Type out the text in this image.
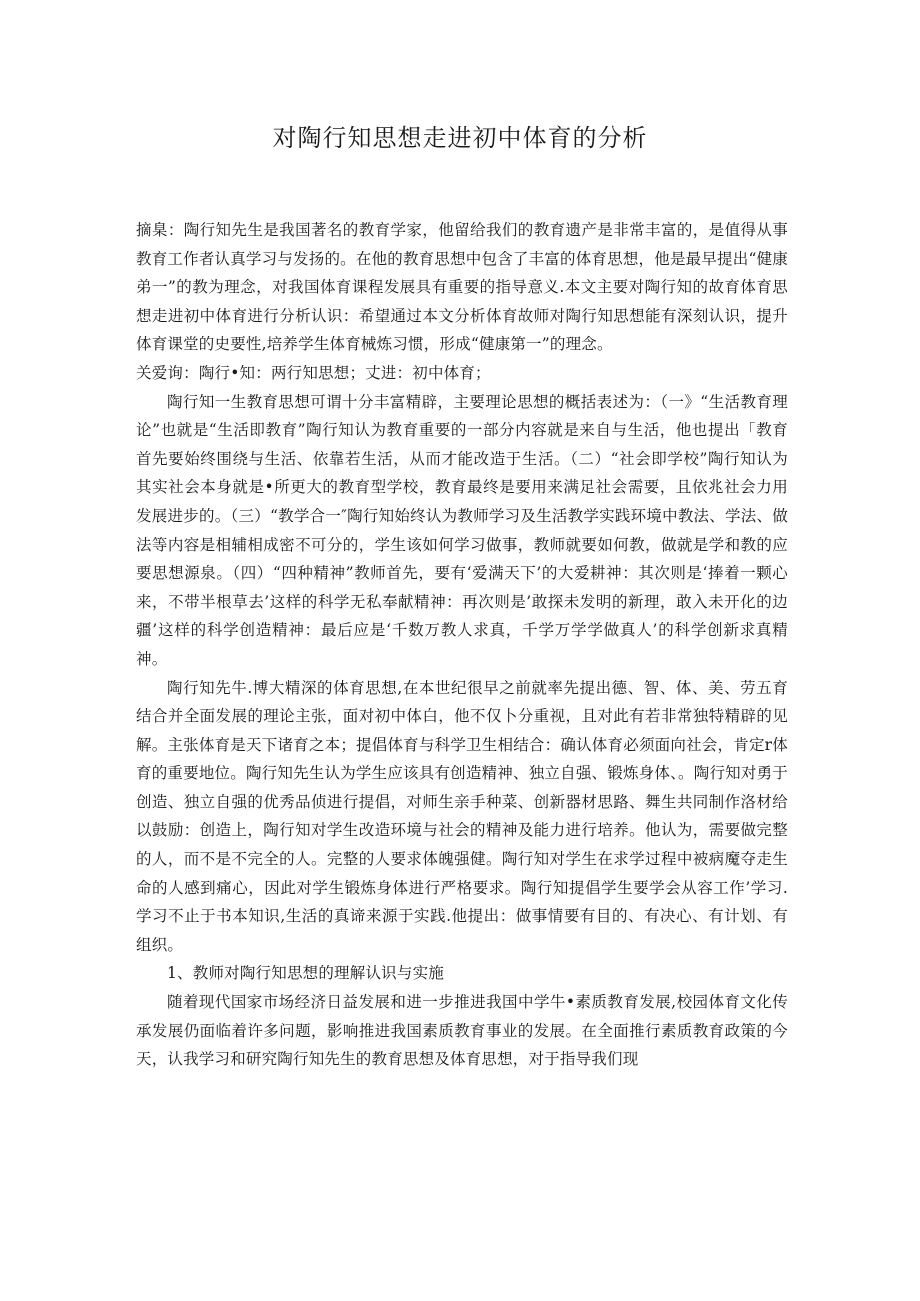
对陶行知思想走进初中体育的分析

摘臬：陶行知先生是我国著名的教育学家，他留给我们的教育遗产是非常丰富的，是值得从事教育工作者认真学习与发扬的。在他的教育思想中包含了丰富的体育思想，他是最早提出“健康弟一”的教为理念，对我国体育课程发展具有重要的指导意义.本文主要对陶行知的故育体育思想走进初中体育进行分析认识：希望通过本文分析体育故师对陶行知思想能有深刻认识，提升体育课堂的史要性,培养学生体育械炼习惯，形成“健康第一”的理念。

关爱询：陶行•知：两行知思想；丈进：初中体育；

陶行知一生教育思想可谓十分丰富精辟，主要理论思想的概括表述为：（一》“生活教育理论”也就是“生活即教育”陶行知认为教育重要的一部分内容就是来自与生活，他也提出「教育首先要始终围绕与生活、依靠若生活，从而才能改造于生活。（二）“社会即学校”陶行知认为其实社会本身就是•所更大的教育型学校，教育最终是要用来满足社会需要，且依兆社会力用发展进步的。（三）“教学合一″陶行知始终认为教师学习及生活教学实践环境中教法、学法、做法等内容是相辅相成密不可分的，学生该如何学习做事，教师就要如何教，做就是学和教的应要思想源泉。（四）“四种精神”教师首先，要有‘爱满天下’的大爱耕神：其次则是‘捧着一颗心来，不带半根草去’这样的科学无私奉献精神：再次则是’敢探未发明的新理，敢入未开化的边疆’这样的科学创造精神：最后应是‘千数万教人求真，千学万学学做真人’的科学创新求真精神。

陶行知先牛.博大精深的体育思想,在本世纪很早之前就率先提出德、智、体、美、劳五育结合并全面发展的理论主张，面对初中体白，他不仅卜分重视，且对此有若非常独特精辟的见解。主张体育是天下诸育之本；提倡体育与科学卫生相结合：确认体育必须面向社会，肯定r体育的重要地位。陶行知先生认为学生应该具有创造精神、独立自强、锻炼身体、。陶行知对勇于创造、独立自强的优秀品侦进行提倡，对师生亲手种菜、创新器材思路、舞生共同制作洛材给以鼓励：创造上，陶行知对学生改造环境与社会的精神及能力进行培养。他认为，需要做完整的人，而不是不完全的人。完整的人要求体魄强健。陶行知对学生在求学过程中被病魔夺走生命的人感到痛心，因此对学生锻炼身体进行严格要求。陶行知提倡学生要学会从容工作’学习.学习不止于书本知识,生活的真谛来源于实践.他提出：做事情要有目的、有决心、有计划、有组织。

1、教师对陶行知思想的理解认识与实施

随着现代国家市场经济日益发展和进一步推进我国中学牛•素质教育发展,校园体育文化传承发展仍面临着许多问题，影响推进我国素质教育事业的发展。在全面推行素质教育政策的今天，认我学习和研究陶行知先生的教育思想及体育思想，对于指导我们现
